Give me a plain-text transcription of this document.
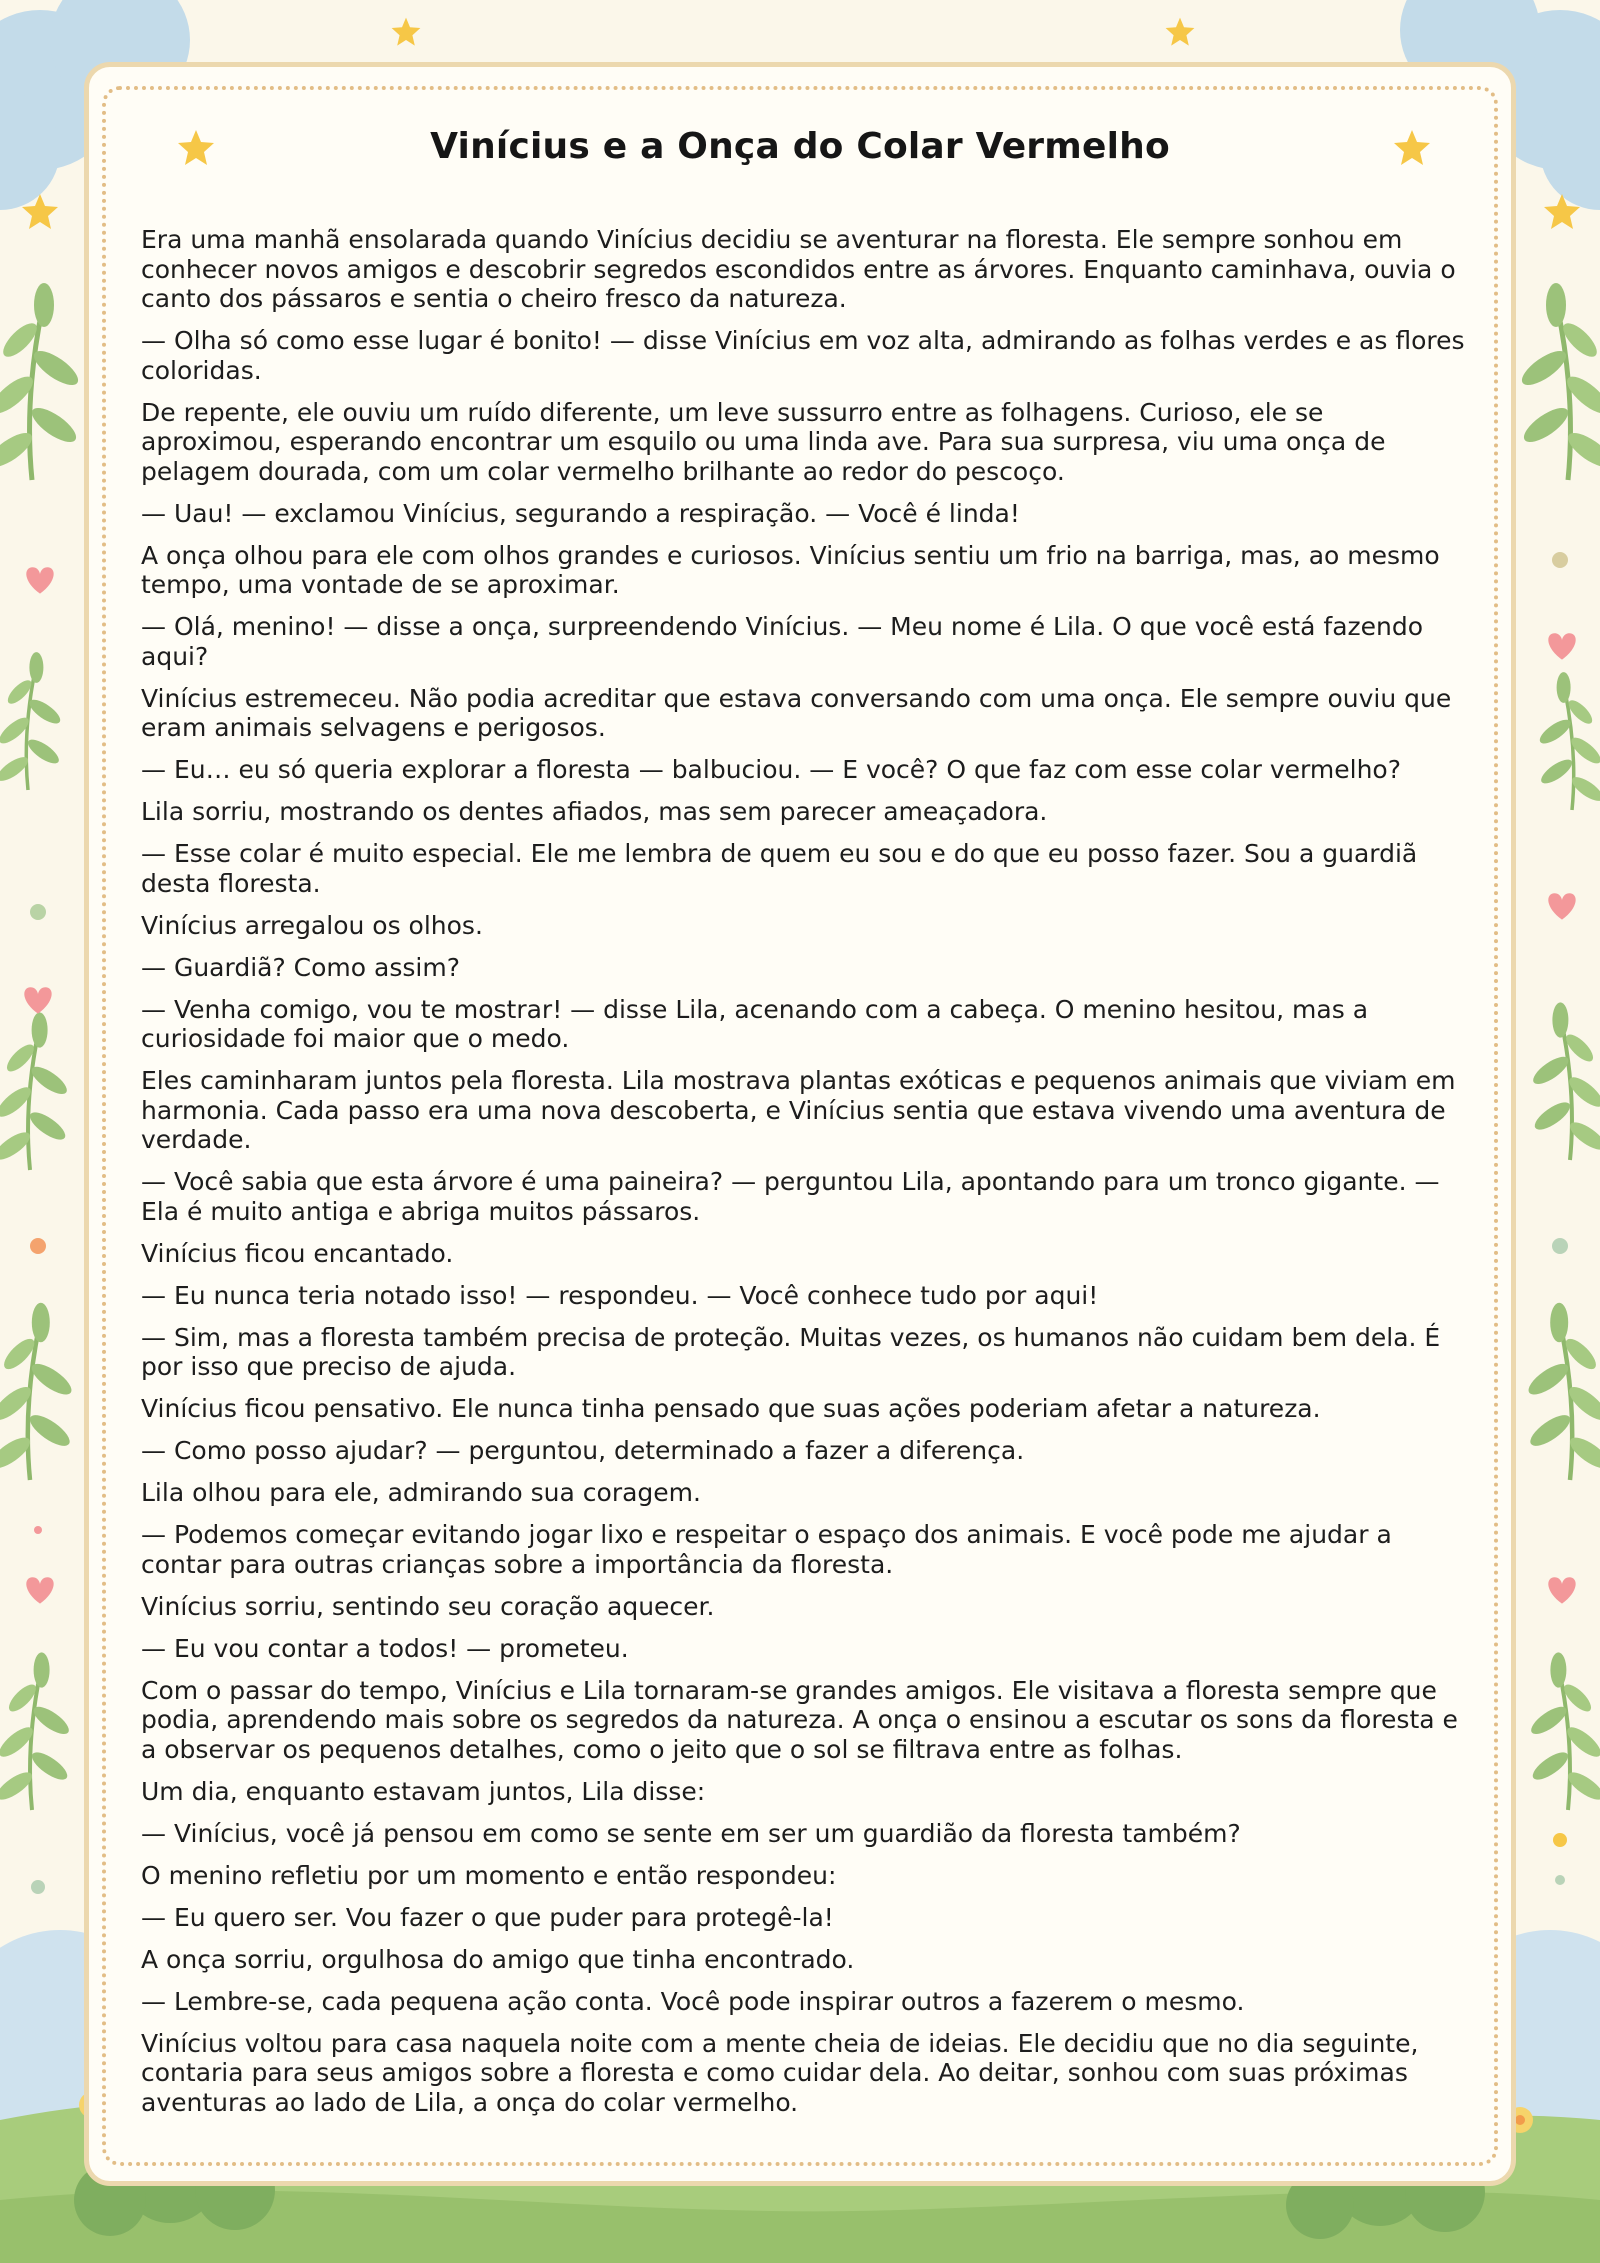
Vinícius e a Onça do Colar Vermelho

Era uma manhã ensolarada quando Vinícius decidiu se aventurar na floresta. Ele sempre sonhou em conhecer novos amigos e descobrir segredos escondidos entre as árvores. Enquanto caminhava, ouvia o canto dos pássaros e sentia o cheiro fresco da natureza.

— Olha só como esse lugar é bonito! — disse Vinícius em voz alta, admirando as folhas verdes e as flores coloridas.

De repente, ele ouviu um ruído diferente, um leve sussurro entre as folhagens. Curioso, ele se aproximou, esperando encontrar um esquilo ou uma linda ave. Para sua surpresa, viu uma onça de pelagem dourada, com um colar vermelho brilhante ao redor do pescoço.

— Uau! — exclamou Vinícius, segurando a respiração. — Você é linda!

A onça olhou para ele com olhos grandes e curiosos. Vinícius sentiu um frio na barriga, mas, ao mesmo tempo, uma vontade de se aproximar.

— Olá, menino! — disse a onça, surpreendendo Vinícius. — Meu nome é Lila. O que você está fazendo aqui?

Vinícius estremeceu. Não podia acreditar que estava conversando com uma onça. Ele sempre ouviu que eram animais selvagens e perigosos.

— Eu… eu só queria explorar a floresta — balbuciou. — E você? O que faz com esse colar vermelho?

Lila sorriu, mostrando os dentes afiados, mas sem parecer ameaçadora.

— Esse colar é muito especial. Ele me lembra de quem eu sou e do que eu posso fazer. Sou a guardiã desta floresta.

Vinícius arregalou os olhos.

— Guardiã? Como assim?

— Venha comigo, vou te mostrar! — disse Lila, acenando com a cabeça. O menino hesitou, mas a curiosidade foi maior que o medo.

Eles caminharam juntos pela floresta. Lila mostrava plantas exóticas e pequenos animais que viviam em harmonia. Cada passo era uma nova descoberta, e Vinícius sentia que estava vivendo uma aventura de verdade.

— Você sabia que esta árvore é uma paineira? — perguntou Lila, apontando para um tronco gigante. — Ela é muito antiga e abriga muitos pássaros.

Vinícius ficou encantado.

— Eu nunca teria notado isso! — respondeu. — Você conhece tudo por aqui!

— Sim, mas a floresta também precisa de proteção. Muitas vezes, os humanos não cuidam bem dela. É por isso que preciso de ajuda.

Vinícius ficou pensativo. Ele nunca tinha pensado que suas ações poderiam afetar a natureza.

— Como posso ajudar? — perguntou, determinado a fazer a diferença.

Lila olhou para ele, admirando sua coragem.

— Podemos começar evitando jogar lixo e respeitar o espaço dos animais. E você pode me ajudar a contar para outras crianças sobre a importância da floresta.

Vinícius sorriu, sentindo seu coração aquecer.

— Eu vou contar a todos! — prometeu.

Com o passar do tempo, Vinícius e Lila tornaram-se grandes amigos. Ele visitava a floresta sempre que podia, aprendendo mais sobre os segredos da natureza. A onça o ensinou a escutar os sons da floresta e a observar os pequenos detalhes, como o jeito que o sol se filtrava entre as folhas.

Um dia, enquanto estavam juntos, Lila disse:

— Vinícius, você já pensou em como se sente em ser um guardião da floresta também?

O menino refletiu por um momento e então respondeu:

— Eu quero ser. Vou fazer o que puder para protegê-la!

A onça sorriu, orgulhosa do amigo que tinha encontrado.

— Lembre-se, cada pequena ação conta. Você pode inspirar outros a fazerem o mesmo.

Vinícius voltou para casa naquela noite com a mente cheia de ideias. Ele decidiu que no dia seguinte, contaria para seus amigos sobre a floresta e como cuidar dela. Ao deitar, sonhou com suas próximas aventuras ao lado de Lila, a onça do colar vermelho.
